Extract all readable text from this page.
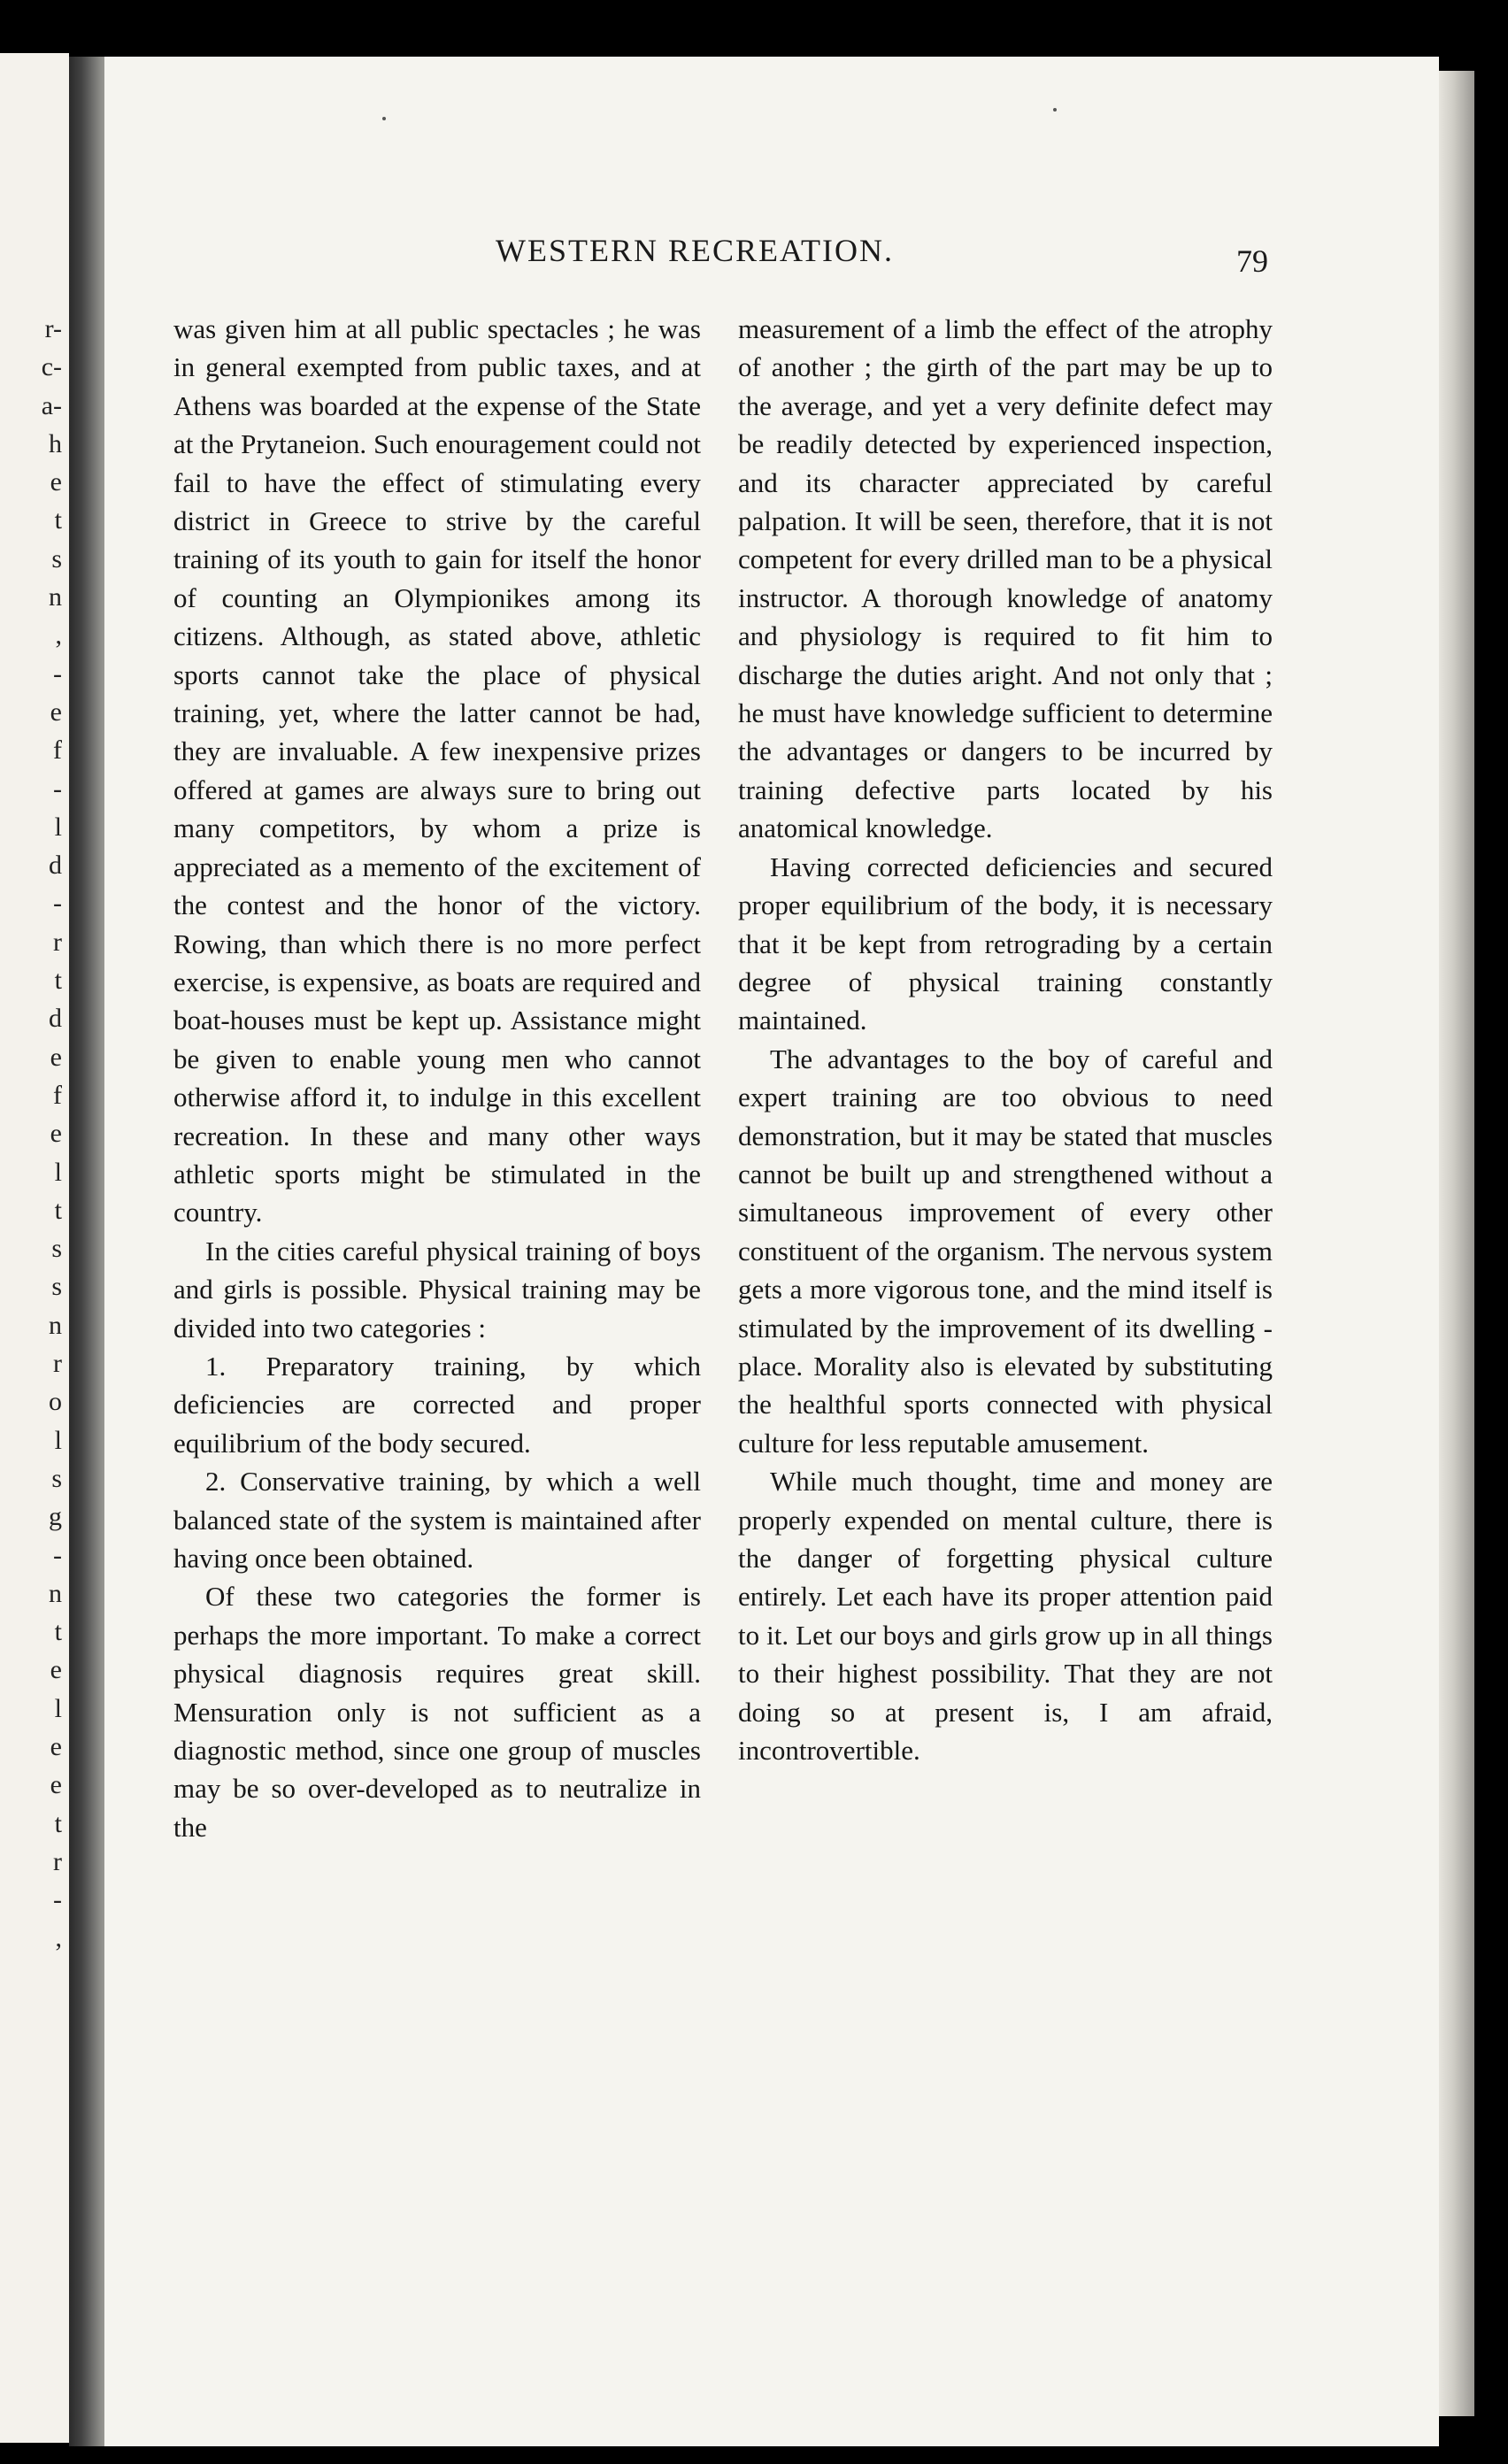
r-
c-
a-
h
e
t
s
n
,
-
e
f
-
l
d
-
r
t
d
e
f
e
l
t
s
s
n
r
o
l
s
g
-
n
t
e
l
e
e
t
r
-
,
WESTERN RECREATION.	79

was given him at all public spectacles ; he was in general exempted from public taxes, and at Athens was boarded at the expense of the State at the Prytaneion. Such enouragement could not fail to have the effect of stimulating every district in Greece to strive by the careful training of its youth to gain for itself the honor of counting an Olympionikes among its citizens. Although, as stated above, athletic sports cannot take the place of physical training, yet, where the latter cannot be had, they are invaluable. A few inexpensive prizes offered at games are always sure to bring out many competitors, by whom a prize is appreciated as a memento of the excitement of the contest and the honor of the victory. Rowing, than which there is no more perfect exercise, is expensive, as boats are required and boat-houses must be kept up. Assistance might be given to enable young men who cannot otherwise afford it, to indulge in this excellent recreation. In these and many other ways athletic sports might be stimulated in the country.

In the cities careful physical training of boys and girls is possible. Physical training may be divided into two categories :

1. Preparatory training, by which deficiencies are corrected and proper equilibrium of the body secured.

2. Conservative training, by which a well balanced state of the system is maintained after having once been obtained.

Of these two categories the former is perhaps the more important. To make a correct physical diagnosis requires great skill. Mensuration only is not sufficient as a diagnostic method, since one group of muscles may be so over-developed as to neutralize in the

measurement of a limb the effect of the atrophy of another ; the girth of the part may be up to the average, and yet a very definite defect may be readily detected by experienced inspection, and its character appreciated by careful palpation. It will be seen, therefore, that it is not competent for every drilled man to be a physical instructor. A thorough knowledge of anatomy and physiology is required to fit him to discharge the duties aright. And not only that ; he must have knowledge sufficient to determine the advantages or dangers to be incurred by training defective parts located by his anatomical knowledge.

Having corrected deficiencies and secured proper equilibrium of the body, it is necessary that it be kept from retrograding by a certain degree of physical training constantly maintained.

The advantages to the boy of careful and expert training are too obvious to need demonstration, but it may be stated that muscles cannot be built up and strengthened without a simultaneous improvement of every other constituent of the organism. The nervous system gets a more vigorous tone, and the mind itself is stimulated by the improvement of its dwelling - place. Morality also is elevated by substituting the healthful sports connected with physical culture for less reputable amusement.

While much thought, time and money are properly expended on mental culture, there is the danger of forgetting physical culture entirely. Let each have its proper attention paid to it. Let our boys and girls grow up in all things to their highest possibility. That they are not doing so at present is, I am afraid, incontrovertible.
